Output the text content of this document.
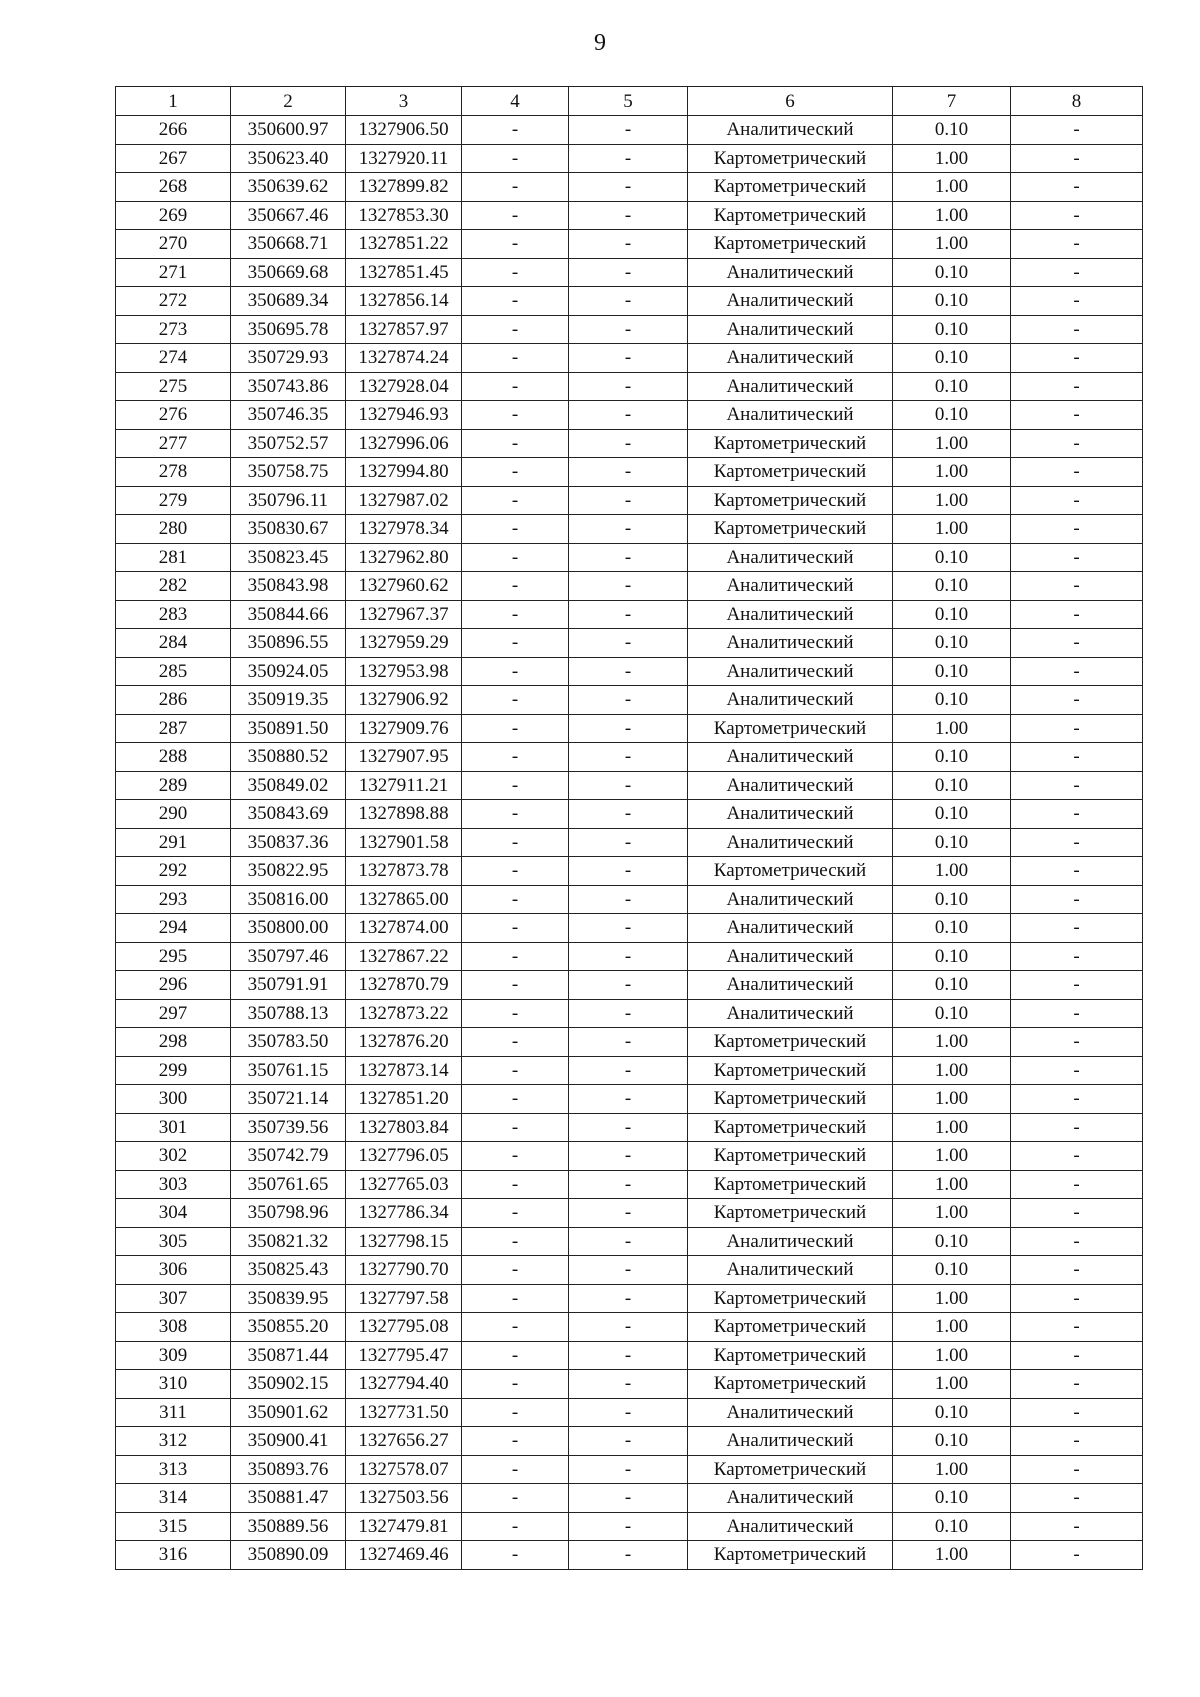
9
1	2	3	4	5	6	7	8
266	350600.97	1327906.50	-	-	Аналитический	0.10	-
267	350623.40	1327920.11	-	-	Картометрический	1.00	-
268	350639.62	1327899.82	-	-	Картометрический	1.00	-
269	350667.46	1327853.30	-	-	Картометрический	1.00	-
270	350668.71	1327851.22	-	-	Картометрический	1.00	-
271	350669.68	1327851.45	-	-	Аналитический	0.10	-
272	350689.34	1327856.14	-	-	Аналитический	0.10	-
273	350695.78	1327857.97	-	-	Аналитический	0.10	-
274	350729.93	1327874.24	-	-	Аналитический	0.10	-
275	350743.86	1327928.04	-	-	Аналитический	0.10	-
276	350746.35	1327946.93	-	-	Аналитический	0.10	-
277	350752.57	1327996.06	-	-	Картометрический	1.00	-
278	350758.75	1327994.80	-	-	Картометрический	1.00	-
279	350796.11	1327987.02	-	-	Картометрический	1.00	-
280	350830.67	1327978.34	-	-	Картометрический	1.00	-
281	350823.45	1327962.80	-	-	Аналитический	0.10	-
282	350843.98	1327960.62	-	-	Аналитический	0.10	-
283	350844.66	1327967.37	-	-	Аналитический	0.10	-
284	350896.55	1327959.29	-	-	Аналитический	0.10	-
285	350924.05	1327953.98	-	-	Аналитический	0.10	-
286	350919.35	1327906.92	-	-	Аналитический	0.10	-
287	350891.50	1327909.76	-	-	Картометрический	1.00	-
288	350880.52	1327907.95	-	-	Аналитический	0.10	-
289	350849.02	1327911.21	-	-	Аналитический	0.10	-
290	350843.69	1327898.88	-	-	Аналитический	0.10	-
291	350837.36	1327901.58	-	-	Аналитический	0.10	-
292	350822.95	1327873.78	-	-	Картометрический	1.00	-
293	350816.00	1327865.00	-	-	Аналитический	0.10	-
294	350800.00	1327874.00	-	-	Аналитический	0.10	-
295	350797.46	1327867.22	-	-	Аналитический	0.10	-
296	350791.91	1327870.79	-	-	Аналитический	0.10	-
297	350788.13	1327873.22	-	-	Аналитический	0.10	-
298	350783.50	1327876.20	-	-	Картометрический	1.00	-
299	350761.15	1327873.14	-	-	Картометрический	1.00	-
300	350721.14	1327851.20	-	-	Картометрический	1.00	-
301	350739.56	1327803.84	-	-	Картометрический	1.00	-
302	350742.79	1327796.05	-	-	Картометрический	1.00	-
303	350761.65	1327765.03	-	-	Картометрический	1.00	-
304	350798.96	1327786.34	-	-	Картометрический	1.00	-
305	350821.32	1327798.15	-	-	Аналитический	0.10	-
306	350825.43	1327790.70	-	-	Аналитический	0.10	-
307	350839.95	1327797.58	-	-	Картометрический	1.00	-
308	350855.20	1327795.08	-	-	Картометрический	1.00	-
309	350871.44	1327795.47	-	-	Картометрический	1.00	-
310	350902.15	1327794.40	-	-	Картометрический	1.00	-
311	350901.62	1327731.50	-	-	Аналитический	0.10	-
312	350900.41	1327656.27	-	-	Аналитический	0.10	-
313	350893.76	1327578.07	-	-	Картометрический	1.00	-
314	350881.47	1327503.56	-	-	Аналитический	0.10	-
315	350889.56	1327479.81	-	-	Аналитический	0.10	-
316	350890.09	1327469.46	-	-	Картометрический	1.00	-
